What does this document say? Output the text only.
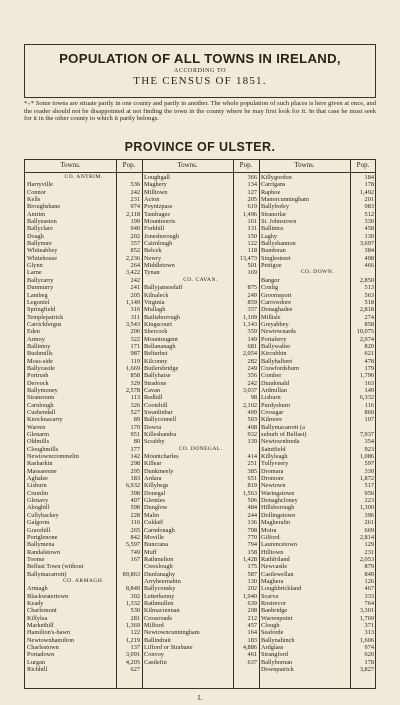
POPULATION OF ALL TOWNS IN IRELAND,
ACCORDING TO
THE CENSUS OF 1851.
*₊* Some towns are situate partly in one county and partly in another. The whole population of such places is here given at once, and the reader should not be disappointed at not finding the town in the county where he may first look for it. In that case he must seek for it in the other county to which it partly belongs.
PROVINCE OF ULSTER.
Towns.	Pop.	Towns.	Pop.	Towns.	Pop.
CO. ANTRIM.
Harryville	536
Connor	242
Kells	231
Broughshane	974
Antrim	2,118
Ballyeaston	199
Ballyclare	940
Doagh	202
Ballynure	357
Whiteabbey	852
Whitehouse	2,236
Glynn	264
Larne	3,422
Ballycarry	242
Dunmurry	241
Lambeg	205
Legoniel	1,149
Springfield	316
Templepatrick	311
Carrickfergus	3,543
Eden	200
Armoy	322
Ballintoy	171
Bushmills	987
Moss-side	119
Ballycastle	1,669
Portrush	858
Dervock	329
Ballymoney	2,578
Straneoum	113
Carnlough	326
Cushendall	527
Knocknacarry	89
Warren	170
Glenarm	951
Oldmills	80
Cloughmills	177
Newtowncrommelin	142
Rasharkin	298
Massareene	295
Aghalee	183
Lisburn	6,932
Crumlin	398
Glenavy	407
Aboghill	598
Cullybackey	228
Galgorm	116
Gracehill	265
Portglenone	842
Ballymena	5,597
Randalstown	749
Toome	167
Belfast Town (without
Ballymacarrett)	89,863
CO. ARMAGH.
Armagh	8,849
Blackwatertown	302
Keady	1,332
Charlemont	530
Killylea	281
Markethill	1,369
Hamilton's-bawn	122
Newtownhamilton	1,219
Charlestown	137
Portadown	3,091
Lurgan	4,205
Richhill	627
Loughgall	366
Maghery	134
Milltown	127
Acton	205
Poyntzpass	619
Tandragee	1,496
Mountnorris	161
Forkhill	131
Jonesborough	150
Cairnlough	122
Belcek	118
Newry	13,473
Middletown	501
Tynan	169
CO. CAVAN.
Ballyjamesduff	875
Kilnaleck	249
Virginia	859
Mullagh	357
Bailieborough	1,109
Kingscourt	1,143
Shercock	359
Mountnugent	149
Bellananagh	681
Belturbet	2,054
Kilconny	282
Butlersbridge	249
Ballyhaise	356
Stradone	242
Cavan	3,037
Redhill	98
Cootehill	2,102
Swanlinbar	499
Ballyconnell	503
Dowra	408
Killeshandra	932
Scrabby	139
CO. DONEGAL.
Mountcharles	414
Killear	251
Dunkineely	385
Ardara	651
Killybegs	819
Donegal	1,563
Glenties	506
Dunglow	484
Malin	244
Culdaff	136
Carndonagh	708
Moville	770
Buncrana	794
Muff	158
Rathmelton	1,428
Creeslough	175
Dunfanaghy	587
Arryheernabin	130
Ballyconsky	202
Letterkenny	1,940
Rathmullen	639
Kilmacrennan	208
Crossroads	212
Milford	457
Newtowncunningham	164
Ballindrait	183
Lifford or Strabane	4,886
Convoy	461
Castlefin	637
Killygordon	184
Carrigans	178
Raphoe	1,492
Manorcunningham	201
Ballybofey	983
Stranorlar	512
St. Johnstown	330
Ballintra	458
Laghy	130
Ballyshannon	3,697
Bundoran	384
Singlestreet	408
Pettigoe	466
CO. DOWN.
Bangor	2,850
Conlig	513
Groomsport	563
Carrowdore	518
Donaghadee	2,818
Millisle	274
Greyabbey	858
Newtownards	10,075
Portaferry	2,074
Ballywalter	820
Kircubbin	621
Ballyhalbert	478
Crawfordsburn	179
Comber	1,790
Dundonald	163
Ardmillan	149
Lisburn	6,332
Purdysburn	116
Crossgar	860
Kilmore	107
Ballymacarrett (a
suburb of Belfast)	7,937
Newtownbreda	354
Saintfield	923
Killyleagh	1,086
Tullyveery	597
Dromara	330
Dromore	1,872
Newtown	517
Waringstown	956
Donaghcloney	223
Hillsborough	1,300
Dollingstown	396
Magheralin	261
Moira	669
Gilford	2,814
Laurencetown	129
Hilltown	231
Rathfriland	2,053
Newcastle	879
Castlewellan	849
Maghera	126
Loughbrickland	467
Scarva	333
Rostrevor	764
Banbridge	3,301
Warrenpoint	1,769
Clough	371
Seaforde	313
Ballynahinch	1,606
Ardglass	974
Strangford	620
Ballyhornan	178
Downpatrick	3,827
L
